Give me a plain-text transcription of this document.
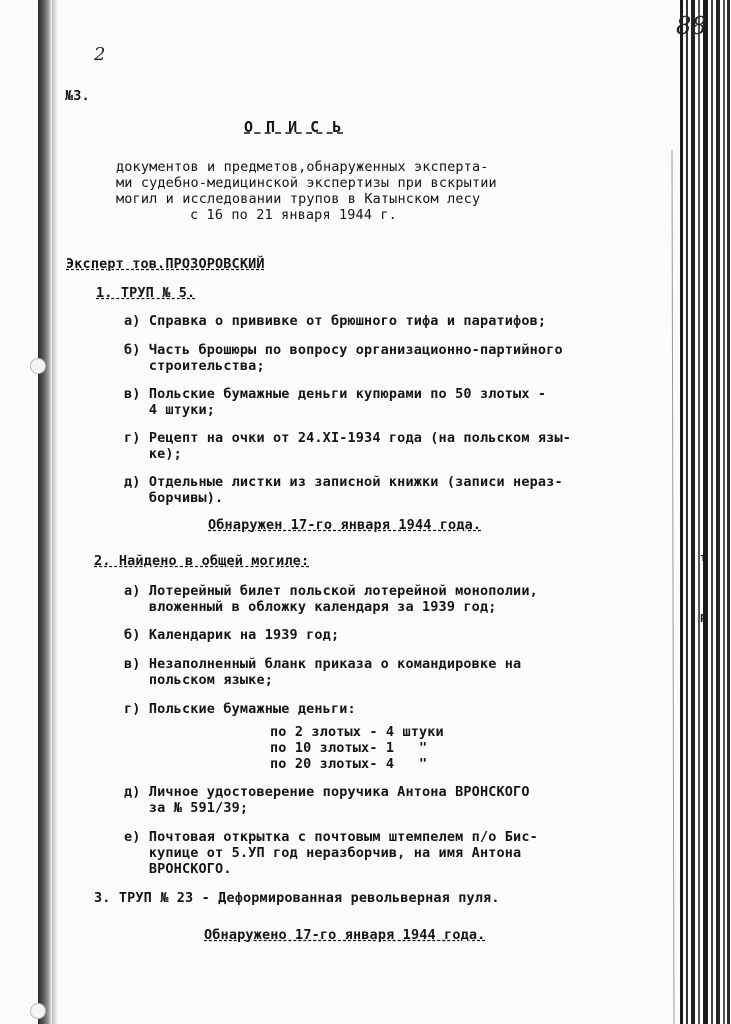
88
2
т
р
№3.
О П И С Ь
документов и предметов,обнаруженных эксперта-
ми судебно-медицинской экспертизы при вскрытии
могил и исследовании трупов в Катынском лесу
с 16 по 21 января 1944 г.
Эксперт тов.ПРОЗОРОВСКИЙ
1. ТРУП № 5.
а) Справка о прививке от брюшного тифа и паратифов;
б) Часть брошюры по вопросу организационно-партийного
строительства;
в) Польские бумажные деньги купюрами по 50 злотых -
4 штуки;
г) Рецепт на очки от 24.XI-1934 года (на польском язы-
ке);
д) Отдельные листки из записной книжки (записи нераз-
борчивы).
Обнаружен 17-го января 1944 года.
2. Найдено в общей могиле:
а) Лотерейный билет польской лотерейной монополии,
вложенный в обложку календаря за 1939 год;
б) Календарик на 1939 год;
в) Незаполненный бланк приказа о командировке на
польском языке;
г) Польские бумажные деньги:
по 2 злотых - 4 штуки
по 10 злотых- 1   "
по 20 злотых- 4   "
д) Личное удостоверение поручика Антона ВРОНСКОГО
за № 591/39;
е) Почтовая открытка с почтовым штемпелем п/о Бис-
купице от 5.УП год неразборчив, на имя Антона
ВРОНСКОГО.
3. ТРУП № 23 - Деформированная револьверная пуля.
Обнаружено 17-го января 1944 года.
